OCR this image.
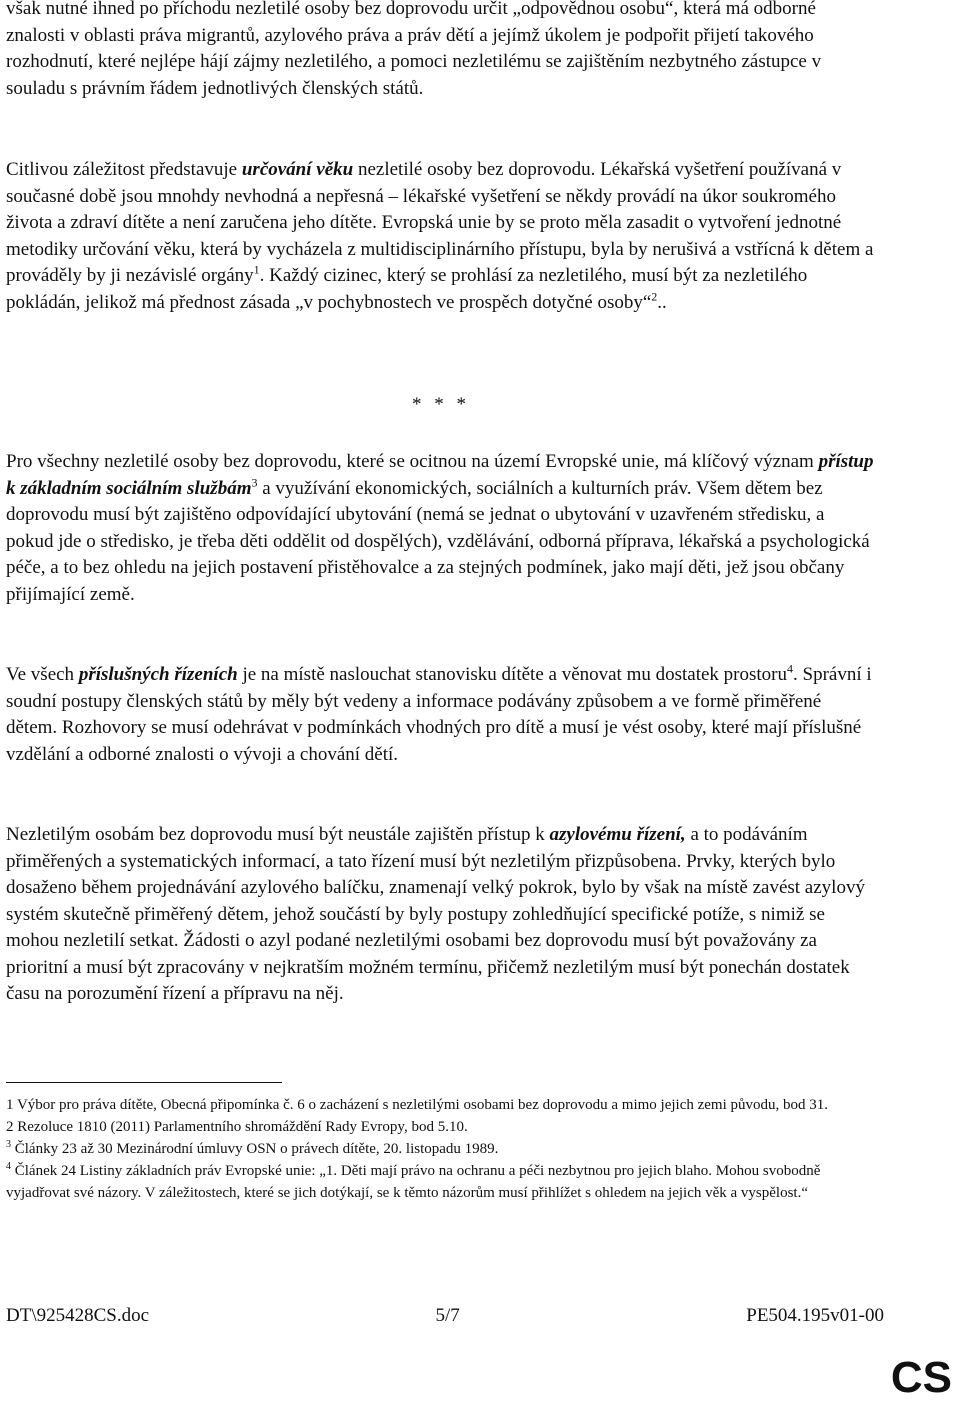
však nutné ihned po příchodu nezletilé osoby bez doprovodu určit „odpovědnou osobu“, která má odborné znalosti v oblasti práva migrantů, azylového práva a práv dětí a jejímž úkolem je podpořit přijetí takového rozhodnutí, které nejlépe hájí zájmy nezletilého, a pomoci nezletilému se zajištěním nezbytného zástupce v souladu s právním řádem jednotlivých členských států.

Citlivou záležitost představuje určování věku nezletilé osoby bez doprovodu. Lékařská vyšetření používaná v současné době jsou mnohdy nevhodná a nepřesná – lékařské vyšetření se někdy provádí na úkor soukromého života a zdraví dítěte a není zaručena jeho dítěte. Evropská unie by se proto měla zasadit o vytvoření jednotné metodiky určování věku, která by vycházela z multidisciplinárního přístupu, byla by nerušivá a vstřícná k dětem a prováděly by ji nezávislé orgány$^1$. Každý cizinec, který se prohlásí za nezletilého, musí být za nezletilého pokládán, jelikož má přednost zásada „v pochybnostech ve prospěch dotyčné osoby“$^2$..

* * *

Pro všechny nezletilé osoby bez doprovodu, které se ocitnou na území Evropské unie, má klíčový význam přístup k základním sociálním službám$^3$ a využívání ekonomických, sociálních a kulturních práv. Všem dětem bez doprovodu musí být zajištěno odpovídající ubytování (nemá se jednat o ubytování v uzavřeném středisku, a pokud jde o středisko, je třeba děti oddělit od dospělých), vzdělávání, odborná příprava, lékařská a psychologická péče, a to bez ohledu na jejich postavení přistěhovalce a za stejných podmínek, jako mají děti, jež jsou občany přijímající země.

Ve všech příslušných řízeních je na místě naslouchat stanovisku dítěte a věnovat mu dostatek prostoru$^4$. Správní i soudní postupy členských států by měly být vedeny a informace podávány způsobem a ve formě přiměřené dětem. Rozhovory se musí odehrávat v podmínkách vhodných pro dítě a musí je vést osoby, které mají příslušné vzdělání a odborné znalosti o vývoji a chování dětí.

Nezletilým osobám bez doprovodu musí být neustále zajištěn přístup k azylovému řízení, a to podáváním přiměřených a systematických informací, a tato řízení musí být nezletilým přizpůsobena. Prvky, kterých bylo dosaženo během projednávání azylového balíčku, znamenají velký pokrok, bylo by však na místě zavést azylový systém skutečně přiměřený dětem, jehož součástí by byly postupy zohledňující specifické potíže, s nimiž se mohou nezletilí setkat. Žádosti o azyl podané nezletilými osobami bez doprovodu musí být považovány za prioritní a musí být zpracovány v nejkratším možném termínu, přičemž nezletilým musí být ponechán dostatek času na porozumění řízení a přípravu na něj.

1 Výbor pro práva dítěte, Obecná připomínka č. 6 o zacházení s nezletilými osobami bez doprovodu a mimo jejich zemi původu, bod 31.

2 Rezoluce 1810 (2011) Parlamentního shromáždění Rady Evropy, bod 5.10.

$^3$ Články 23 až 30 Mezinárodní úmluvy OSN o právech dítěte, 20. listopadu 1989.

$^4$ Článek 24 Listiny základních práv Evropské unie: „1. Děti mají právo na ochranu a péči nezbytnou pro jejich blaho. Mohou svobodně vyjadřovat své názory. V záležitostech, které se jich dotýkají, se k těmto názorům musí přihlížet s ohledem na jejich věk a vyspělost.“

DT\925428CS.doc	5/7	PE504.195v01-00
CS
